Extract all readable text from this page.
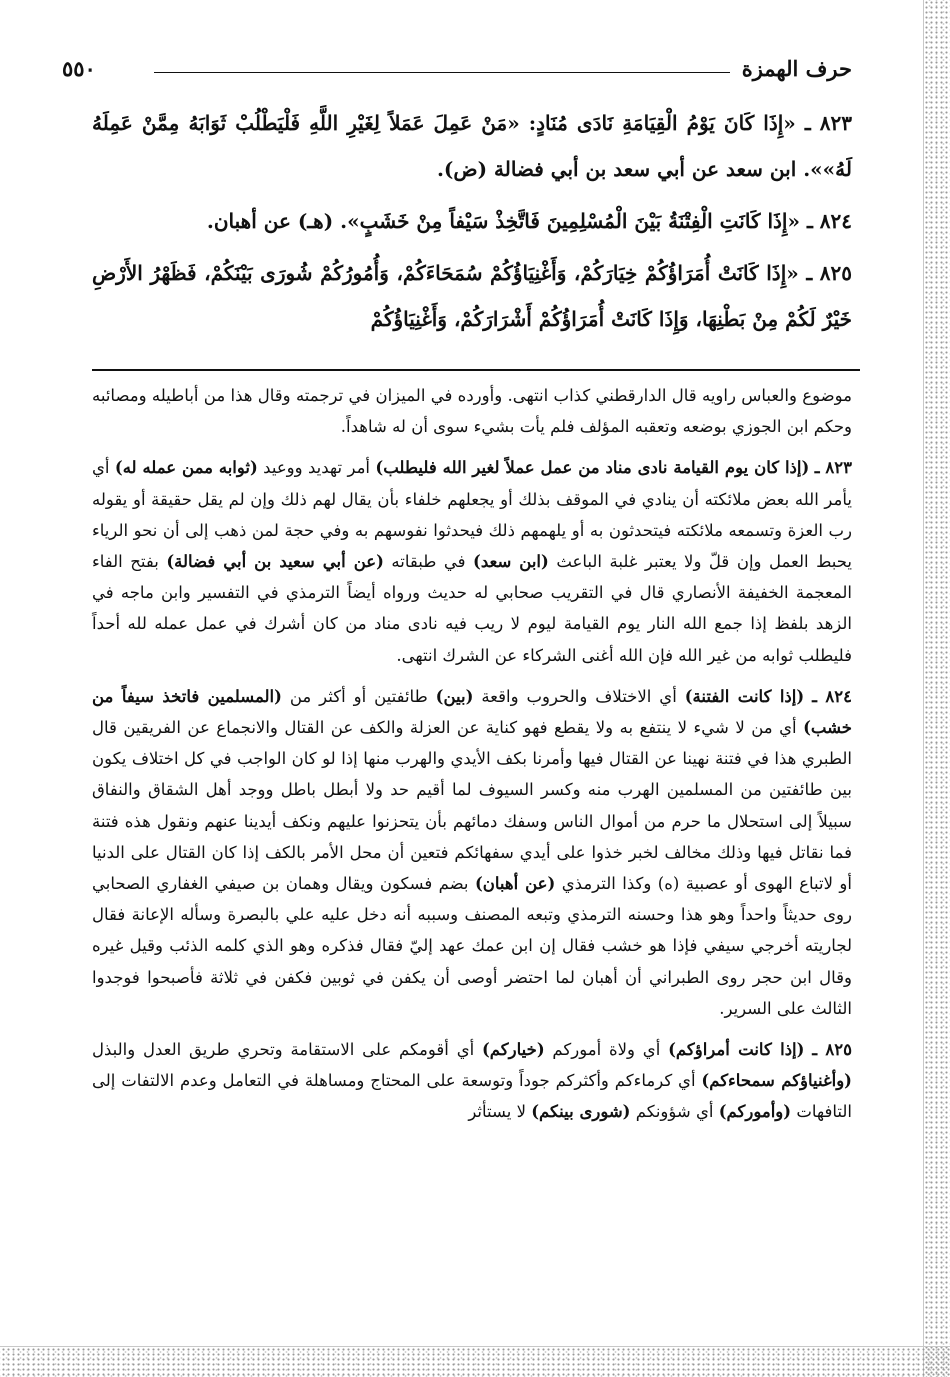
حرف الهمزة
٥٥٠

٨٢٣ ـ «إِذَا كَانَ يَوْمُ الْقِيَامَةِ نَادَى مُنَادٍ: «مَنْ عَمِلَ عَمَلاً لِغَيْرِ اللَّهِ فَلْيَطْلُبْ ثَوَابَهُ مِمَّنْ عَمِلَهُ لَهُ»». ابن سعد عن أبي سعد بن أبي فضالة (ض).

٨٢٤ ـ «إِذَا كَانَتِ الْفِتْنَةُ بَيْنَ الْمُسْلِمِينَ فَاتَّخِذْ سَيْفاً مِنْ خَشَبٍ». (هـ) عن أهبان.

٨٢٥ ـ «إِذَا كَانَتْ أُمَرَاؤُكُمْ خِيَارَكُمْ، وَأَغْنِيَاؤُكُمْ سُمَحَاءَكُمْ، وَأُمُورُكُمْ شُورَى بَيْنَكُمْ، فَظَهْرُ الأَرْضِ خَيْرٌ لَكُمْ مِنْ بَطْنِهَا، وَإِذَا كَانَتْ أُمَرَاؤُكُمْ أَشْرَارَكُمْ، وَأَغْنِيَاؤُكُمْ

موضوع والعباس راويه قال الدارقطني كذاب انتهى. وأورده في الميزان في ترجمته وقال هذا من أباطيله ومصائبه وحكم ابن الجوزي بوضعه وتعقبه المؤلف فلم يأت بشيء سوى أن له شاهداً.

٨٢٣ ـ (إذا كان يوم القيامة نادى مناد من عمل عملاً لغير الله فليطلب) أمر تهديد ووعيد (ثوابه ممن عمله له) أي يأمر الله بعض ملائكته أن ينادي في الموقف بذلك أو يجعلهم خلفاء بأن يقال لهم ذلك وإن لم يقل حقيقة أو يقوله رب العزة وتسمعه ملائكته فيتحدثون به أو يلهمهم ذلك فيحدثوا نفوسهم به وفي حجة لمن ذهب إلى أن نحو الرياء يحبط العمل وإن قلّ ولا يعتبر غلبة الباعث (ابن سعد) في طبقاته (عن أبي سعيد بن أبي فضالة) بفتح الفاء المعجمة الخفيفة الأنصاري قال في التقريب صحابي له حديث ورواه أيضاً الترمذي في التفسير وابن ماجه في الزهد بلفظ إذا جمع الله النار يوم القيامة ليوم لا ريب فيه نادى مناد من كان أشرك في عمل عمله لله أحداً فليطلب ثوابه من غير الله فإن الله أغنى الشركاء عن الشرك انتهى.

٨٢٤ ـ (إذا كانت الفتنة) أي الاختلاف والحروب واقعة (بين) طائفتين أو أكثر من (المسلمين فاتخذ سيفاً من خشب) أي من لا شيء لا ينتفع به ولا يقطع فهو كناية عن العزلة والكف عن القتال والانجماع عن الفريقين قال الطبري هذا في فتنة نهينا عن القتال فيها وأمرنا بكف الأيدي والهرب منها إذا لو كان الواجب في كل اختلاف يكون بين طائفتين من المسلمين الهرب منه وكسر السيوف لما أقيم حد ولا أبطل باطل ووجد أهل الشقاق والنفاق سبيلاً إلى استحلال ما حرم من أموال الناس وسفك دمائهم بأن يتحزنوا عليهم ونكف أيدينا عنهم ونقول هذه فتنة فما نقاتل فيها وذلك مخالف لخبر خذوا على أيدي سفهائكم فتعين أن محل الأمر بالكف إذا كان القتال على الدنيا أو لاتباع الهوى أو عصبية (ه) وكذا الترمذي (عن أهبان) بضم فسكون ويقال وهمان بن صيفي الغفاري الصحابي روى حديثاً واحداً وهو هذا وحسنه الترمذي وتبعه المصنف وسببه أنه دخل عليه علي بالبصرة وسأله الإعانة فقال لجاريته أخرجي سيفي فإذا هو خشب فقال إن ابن عمك عهد إليّ فقال فذكره وهو الذي كلمه الذئب وقيل غيره وقال ابن حجر روى الطبراني أن أهبان لما احتضر أوصى أن يكفن في ثوبين فكفن في ثلاثة فأصبحوا فوجدوا الثالث على السرير.

٨٢٥ ـ (إذا كانت أمراؤكم) أي ولاة أموركم (خياركم) أي أقومكم على الاستقامة وتحري طريق العدل والبذل (وأغنياؤكم سمحاءكم) أي كرماءكم وأكثركم جوداً وتوسعة على المحتاج ومساهلة في التعامل وعدم الالتفات إلى التافهات (وأموركم) أي شؤونكم (شورى بينكم) لا يستأثر
